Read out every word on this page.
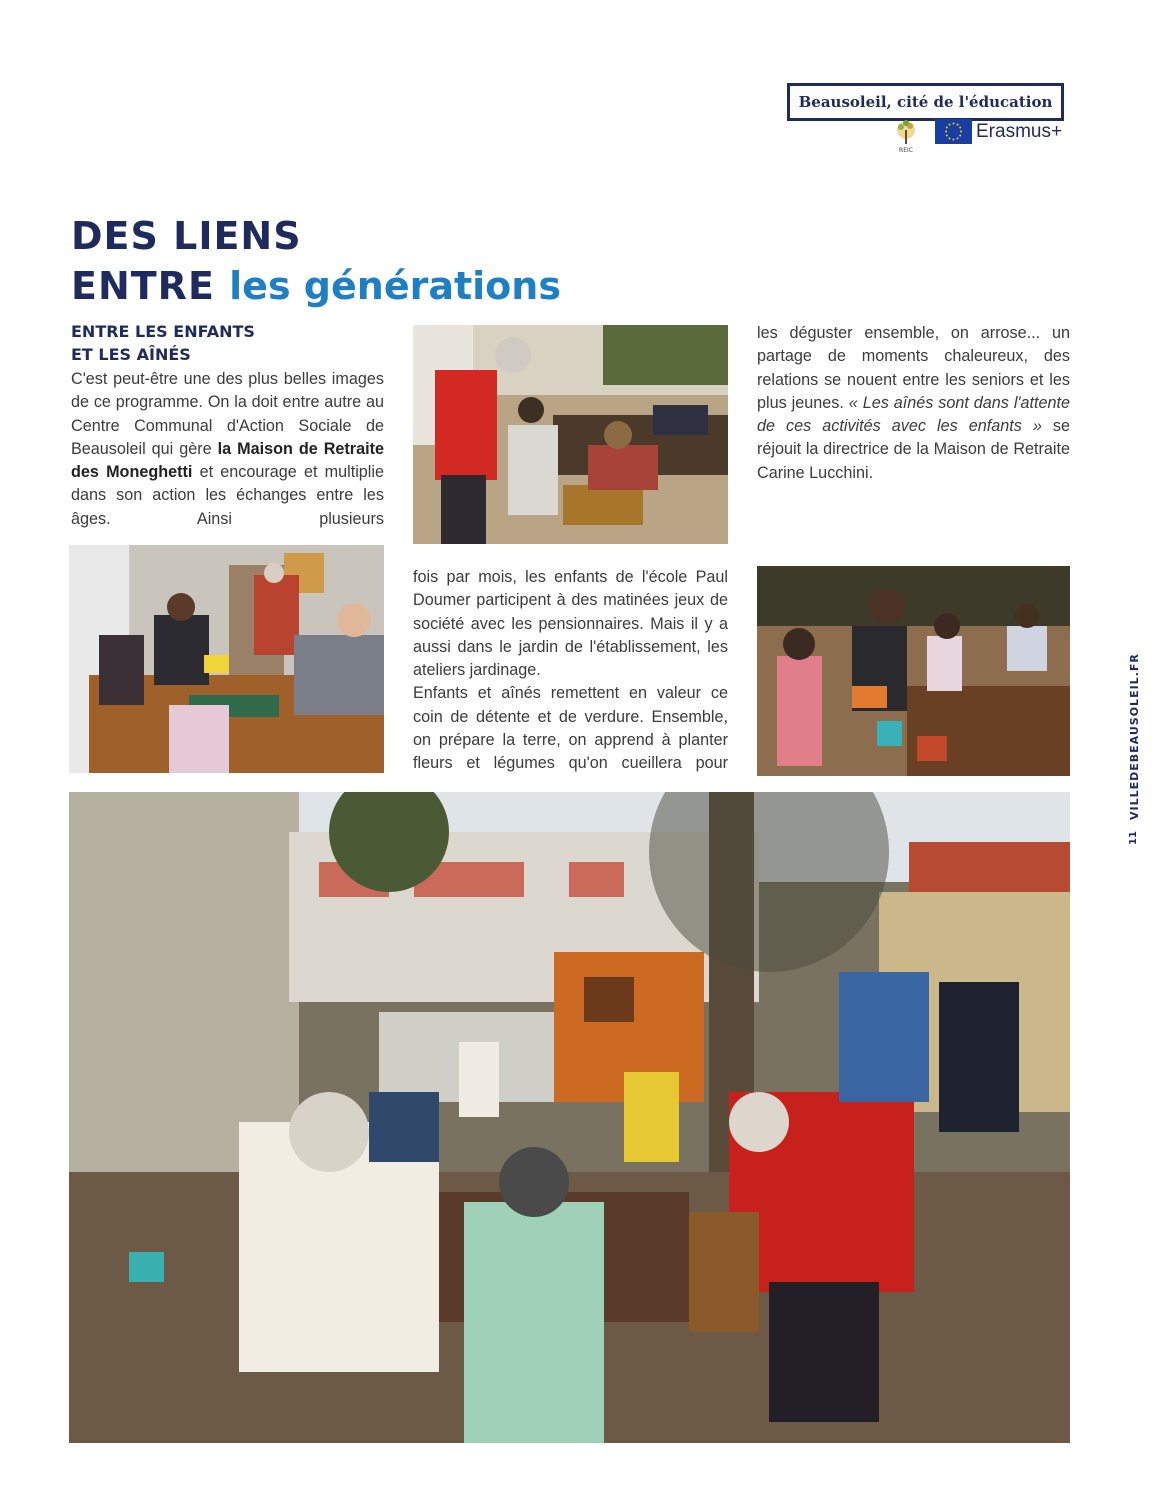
Beausoleil, cité de l'éducation
REIC
Erasmus+
DES LIENS
ENTRE les générations
ENTRE LES ENFANTS
ET LES AÎNÉS
C'est peut-être une des plus belles images de ce programme. On la doit entre autre au Centre Communal d'Action Sociale de Beausoleil qui gère la Maison de Retraite des Moneghetti et encourage et multiplie dans son action les échanges entre les âges. Ainsi plusieurs
fois par mois, les enfants de l'école Paul Doumer participent à des matinées jeux de société avec les pensionnaires. Mais il y a aussi dans le jardin de l'établissement, les ateliers jardinage.
Enfants et aînés remettent en valeur ce coin de détente et de verdure. Ensemble, on prépare la terre, on apprend à planter fleurs et légumes qu'on cueillera pour
les déguster ensemble, on arrose... un partage de moments chaleureux, des relations se nouent entre les seniors et les plus jeunes. « Les aînés sont dans l'attente de ces activités avec les enfants » se réjouit la directrice de la Maison de Retraite Carine Lucchini.
VILLEDEBEAUSOLEIL.FR
11
